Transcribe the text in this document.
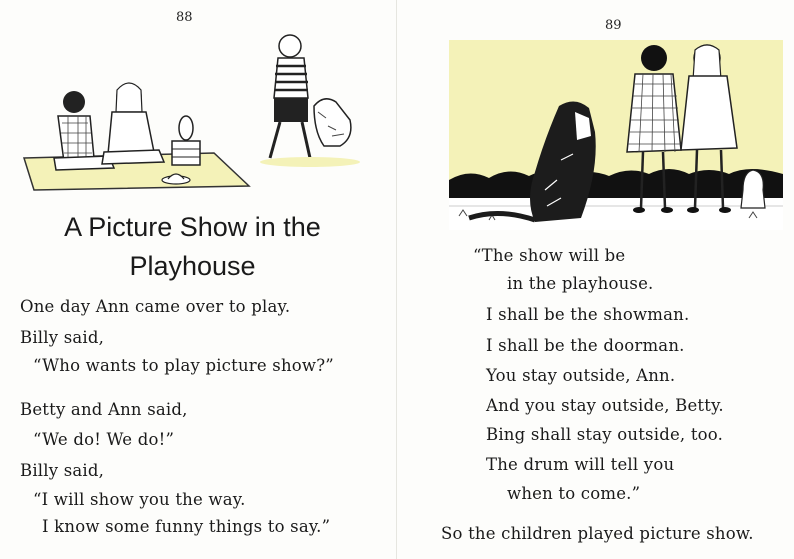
88
A Picture Show in the
Playhouse
One day Ann came over to play.
Billy said,
“Who wants to play picture show?”
Betty and Ann said,
“We do! We do!”
Billy said,
“I will show you the way.
I know some funny things to say.”
89
“The show will be
in the playhouse.
I shall be the showman.
I shall be the doorman.
You stay outside, Ann.
And you stay outside, Betty.
Bing shall stay outside, too.
The drum will tell you
when to come.”
So the children played picture show.
